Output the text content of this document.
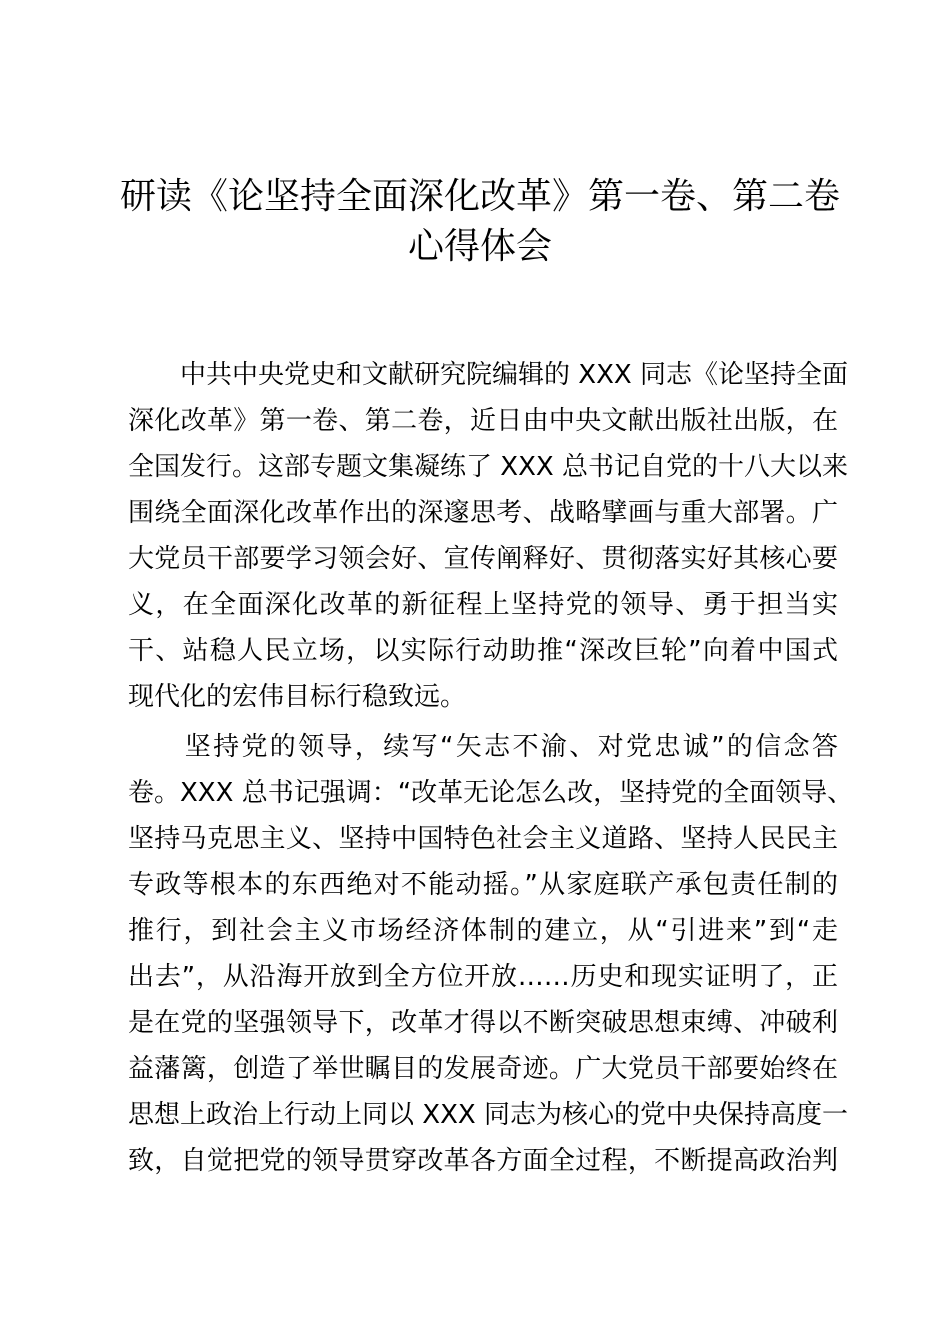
研读《论坚持全面深化改革》第一卷、第二卷
心得体会
　　中共中央党史和文献研究院编辑的 XXX 同志《论坚持全面
深化改革》第一卷、第二卷，近日由中央文献出版社出版，在
全国发行。这部专题文集凝练了 XXX 总书记自党的十八大以来
围绕全面深化改革作出的深邃思考、战略擘画与重大部署。广
大党员干部要学习领会好、宣传阐释好、贯彻落实好其核心要
义，在全面深化改革的新征程上坚持党的领导、勇于担当实
干、站稳人民立场，以实际行动助推“深改巨轮”向着中国式
现代化的宏伟目标行稳致远。
　　坚持党的领导，续写“矢志不渝、对党忠诚”的信念答
卷。XXX 总书记强调：“改革无论怎么改，坚持党的全面领导、
坚持马克思主义、坚持中国特色社会主义道路、坚持人民民主
专政等根本的东西绝对不能动摇。”从家庭联产承包责任制的
推行，到社会主义市场经济体制的建立，从“引进来”到“走
出去”，从沿海开放到全方位开放……历史和现实证明了，正
是在党的坚强领导下，改革才得以不断突破思想束缚、冲破利
益藩篱，创造了举世瞩目的发展奇迹。广大党员干部要始终在
思想上政治上行动上同以 XXX 同志为核心的党中央保持高度一
致，自觉把党的领导贯穿改革各方面全过程，不断提高政治判
